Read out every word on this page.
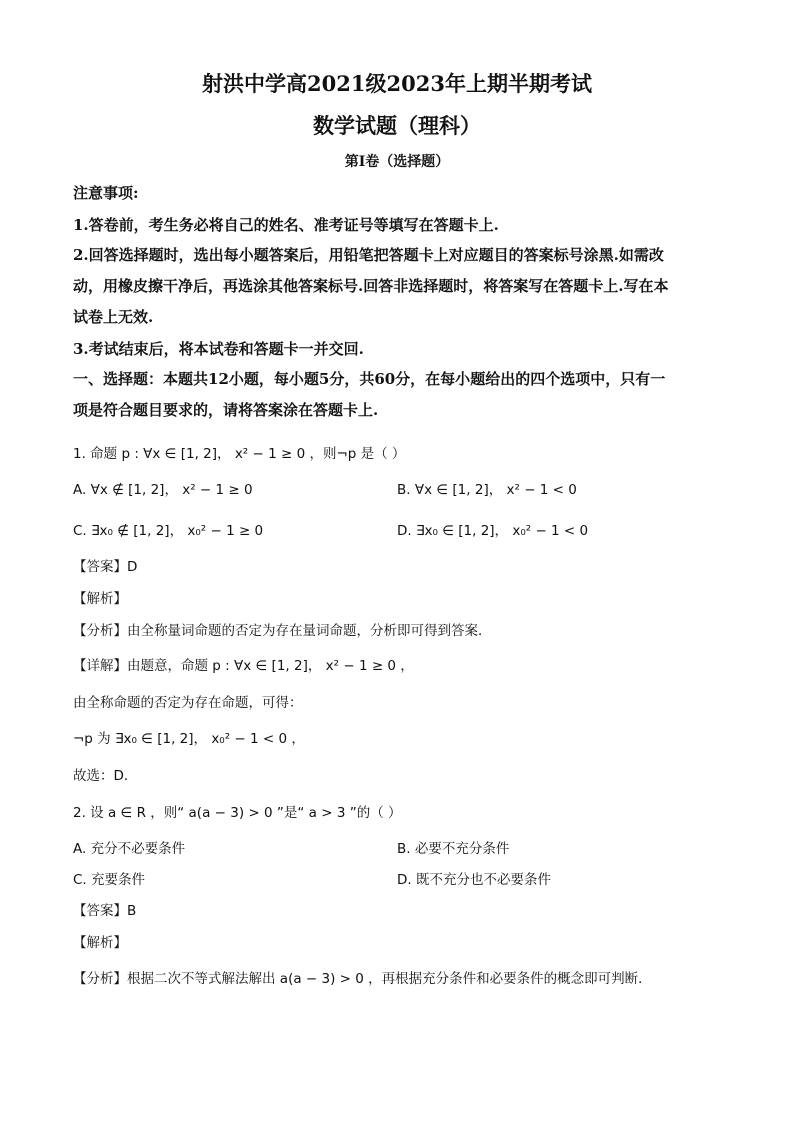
射洪中学高2021级2023年上期半期考试
数学试题（理科）
第I卷（选择题）
注意事项:
1.答卷前，考生务必将自己的姓名、准考证号等填写在答题卡上.
2.回答选择题时，选出每小题答案后，用铅笔把答题卡上对应题目的答案标号涂黑.如需改
动，用橡皮擦干净后，再选涂其他答案标号.回答非选择题时，将答案写在答题卡上.写在本
试卷上无效.
3.考试结束后，将本试卷和答题卡一并交回.
一、选择题：本题共12小题，每小题5分，共60分，在每小题给出的四个选项中，只有一
项是符合题目要求的，请将答案涂在答题卡上.
1. 命题 p : ∀x ∈ [1, 2]， x² − 1 ≥ 0 ，则¬p 是（ ）
A. ∀x ∉ [1, 2]， x² − 1 ≥ 0	B. ∀x ∈ [1, 2]， x² − 1 < 0
C. ∃x₀ ∉ [1, 2]， x₀² − 1 ≥ 0	D. ∃x₀ ∈ [1, 2]， x₀² − 1 < 0
【答案】D
【解析】
【分析】由全称量词命题的否定为存在量词命题，分析即可得到答案．
【详解】由题意，命题 p : ∀x ∈ [1, 2]， x² − 1 ≥ 0 ，
由全称命题的否定为存在命题，可得：
¬p 为 ∃x₀ ∈ [1, 2]， x₀² − 1 < 0 ，
故选：D．
2. 设 a ∈ R ，则“ a(a − 3) > 0 ”是“ a > 3 ”的（ ）
A. 充分不必要条件	B. 必要不充分条件
C. 充要条件	D. 既不充分也不必要条件
【答案】B
【解析】
【分析】根据二次不等式解法解出 a(a − 3) > 0 ，再根据充分条件和必要条件的概念即可判断．
